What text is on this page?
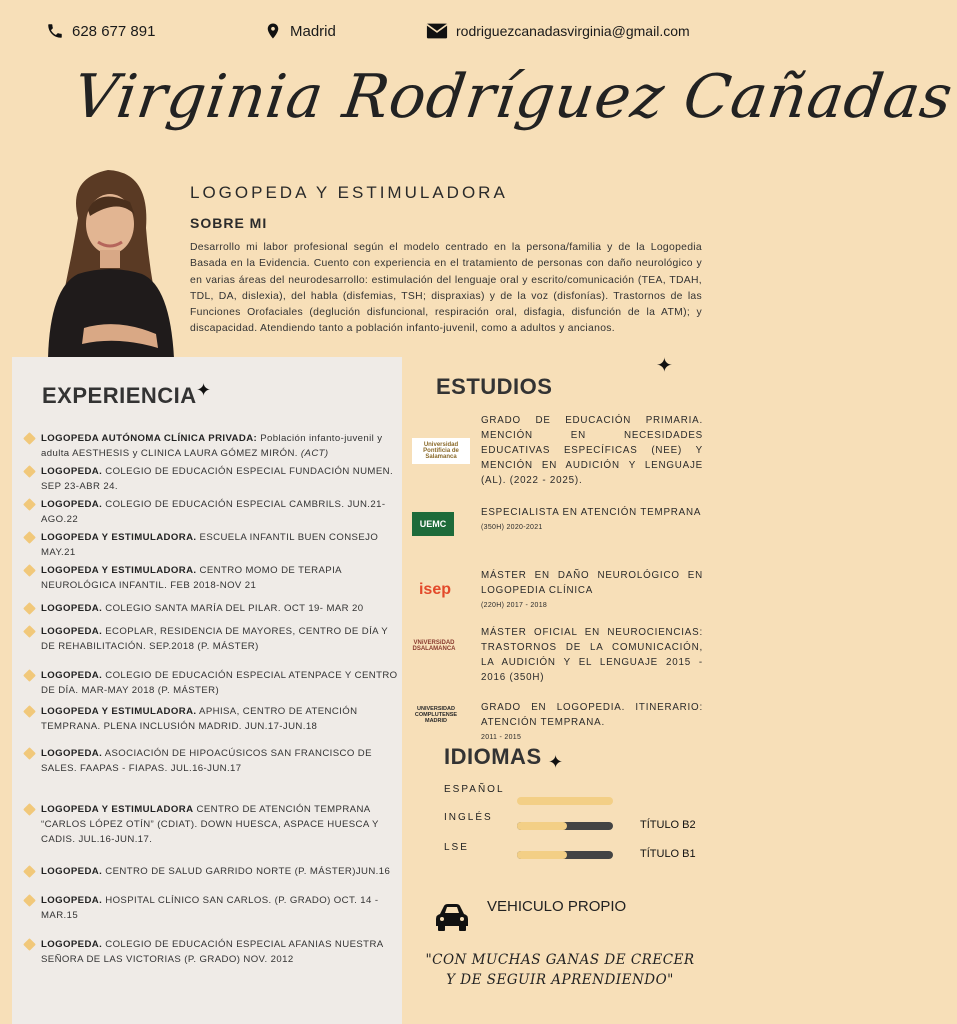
628 677 891	Madrid	rodriguezcanadasvirginia@gmail.com
Virginia Rodríguez Cañadas
LOGOPEDA Y ESTIMULADORA
SOBRE MI
Desarrollo mi labor profesional según el modelo centrado en la persona/familia y de la Logopedia Basada en la Evidencia. Cuento con experiencia en el tratamiento de personas con daño neurológico y en varias áreas del neurodesarrollo: estimulación del lenguaje oral y escrito/comunicación (TEA, TDAH, TDL, DA, dislexia), del habla (disfemias, TSH; dispraxias) y de la voz (disfonías). Trastornos de las Funciones Orofaciales (deglución disfuncional, respiración oral, disfagia, disfunción de la ATM); y discapacidad. Atendiendo tanto a población infanto-juvenil, como a adultos y ancianos.
EXPERIENCIA ✦
LOGOPEDA AUTÓNOMA CLÍNICA PRIVADA: Población infanto-juvenil y adulta AESTHESIS y CLINICA LAURA GÓMEZ MIRÓN. (ACT)
LOGOPEDA. COLEGIO DE EDUCACIÓN ESPECIAL FUNDACIÓN NUMEN. SEP 23-ABR 24.
LOGOPEDA. COLEGIO DE EDUCACIÓN ESPECIAL CAMBRILS. JUN.21-AGO.22
LOGOPEDA Y ESTIMULADORA. ESCUELA INFANTIL BUEN CONSEJO MAY.21
LOGOPEDA Y ESTIMULADORA. CENTRO MOMO DE TERAPIA NEUROLÓGICA INFANTIL. FEB 2018-NOV 21
LOGOPEDA. COLEGIO SANTA MARÍA DEL PILAR. OCT 19- MAR 20
LOGOPEDA. ECOPLAR, RESIDENCIA DE MAYORES, CENTRO DE DÍA Y DE REHABILITACIÓN. SEP.2018 (P. MÁSTER)
LOGOPEDA. COLEGIO DE EDUCACIÓN ESPECIAL ATENPACE Y CENTRO DE DÍA. MAR-MAY 2018 (P. MÁSTER)
LOGOPEDA Y ESTIMULADORA. APHISA, CENTRO DE ATENCIÓN TEMPRANA. PLENA INCLUSIÓN MADRID. JUN.17-JUN.18
LOGOPEDA. ASOCIACIÓN DE HIPOACÚSICOS SAN FRANCISCO DE SALES. FAAPAS - FIAPAS. JUL.16-JUN.17
LOGOPEDA Y ESTIMULADORA CENTRO DE ATENCIÓN TEMPRANA “CARLOS LÓPEZ OTÍN” (CDIAT). DOWN HUESCA, ASPACE HUESCA Y CADIS. JUL.16-JUN.17.
LOGOPEDA. CENTRO DE SALUD GARRIDO NORTE (P. MÁSTER)JUN.16
LOGOPEDA. HOSPITAL CLÍNICO SAN CARLOS. (P. GRADO) OCT. 14 - MAR.15
LOGOPEDA. COLEGIO DE EDUCACIÓN ESPECIAL AFANIAS NUESTRA SEÑORA DE LAS VICTORIAS (P. GRADO) NOV. 2012
✦
ESTUDIOS
Universidad Pontificia de Salamanca
GRADO DE EDUCACIÓN PRIMARIA. MENCIÓN EN NECESIDADES EDUCATIVAS ESPECÍFICAS (NEE) Y MENCIÓN EN AUDICIÓN Y LENGUAJE (AL). (2022 - 2025).
UEMC
ESPECIALISTA EN ATENCIÓN TEMPRANA
(350H) 2020-2021
isep
MÁSTER EN DAÑO NEUROLÓGICO EN LOGOPEDIA CLÍNICA
(220H) 2017 - 2018
VNiVERSiDAD DSALAMANCA
MÁSTER OFICIAL EN NEUROCIENCIAS: TRASTORNOS DE LA COMUNICACIÓN, LA AUDICIÓN Y EL LENGUAJE 2015 - 2016 (350H)
UNIVERSIDAD COMPLUTENSE MADRID
GRADO EN LOGOPEDIA. ITINERARIO: ATENCIÓN TEMPRANA.
2011 - 2015
IDIOMAS ✦
ESPAÑOL
INGLÉS
TÍTULO B2
LSE
TÍTULO B1
VEHICULO PROPIO
"CON MUCHAS GANAS DE CRECER Y DE SEGUIR APRENDIENDO"
